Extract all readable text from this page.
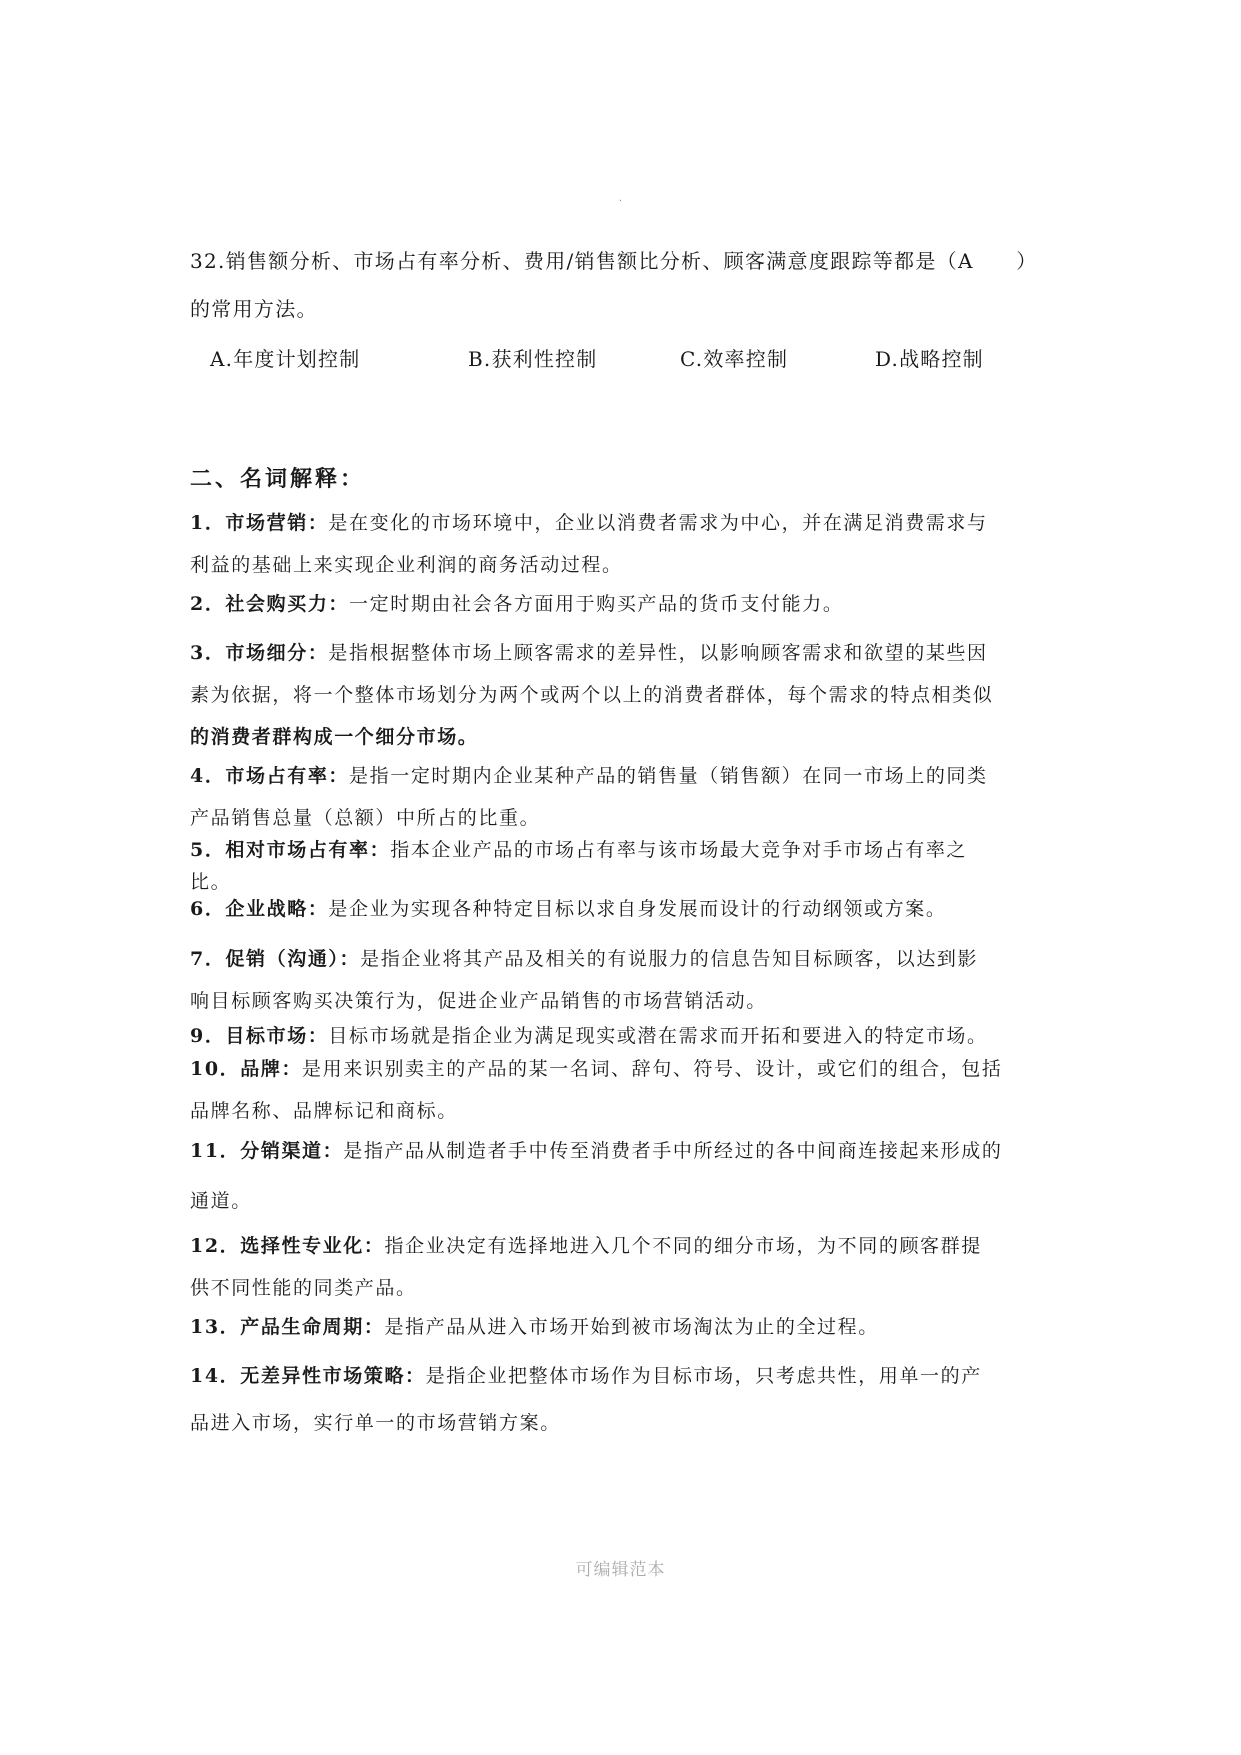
.
32.销售额分析、市场占有率分析、费用/销售额比分析、顾客满意度跟踪等都是（A　　）
的常用方法。
A.年度计划控制	B.获利性控制	C.效率控制	D.战略控制
二、名词解释：
1．市场营销：是在变化的市场环境中，企业以消费者需求为中心，并在满足消费需求与
利益的基础上来实现企业利润的商务活动过程。
2．社会购买力：一定时期由社会各方面用于购买产品的货币支付能力。
3．市场细分：是指根据整体市场上顾客需求的差异性，以影响顾客需求和欲望的某些因
素为依据，将一个整体市场划分为两个或两个以上的消费者群体，每个需求的特点相类似
的消费者群构成一个细分市场。
4．市场占有率：是指一定时期内企业某种产品的销售量（销售额）在同一市场上的同类
产品销售总量（总额）中所占的比重。
5．相对市场占有率：指本企业产品的市场占有率与该市场最大竞争对手市场占有率之
比。
6．企业战略：是企业为实现各种特定目标以求自身发展而设计的行动纲领或方案。
7．促销（沟通）：是指企业将其产品及相关的有说服力的信息告知目标顾客，以达到影
响目标顾客购买决策行为，促进企业产品销售的市场营销活动。
9．目标市场：目标市场就是指企业为满足现实或潜在需求而开拓和要进入的特定市场。
10．品牌：是用来识别卖主的产品的某一名词、辞句、符号、设计，或它们的组合，包括
品牌名称、品牌标记和商标。
11．分销渠道：是指产品从制造者手中传至消费者手中所经过的各中间商连接起来形成的
通道。
12．选择性专业化：指企业决定有选择地进入几个不同的细分市场，为不同的顾客群提
供不同性能的同类产品。
13．产品生命周期：是指产品从进入市场开始到被市场淘汰为止的全过程。
14．无差异性市场策略：是指企业把整体市场作为目标市场，只考虑共性，用单一的产
品进入市场，实行单一的市场营销方案。
可编辑范本
